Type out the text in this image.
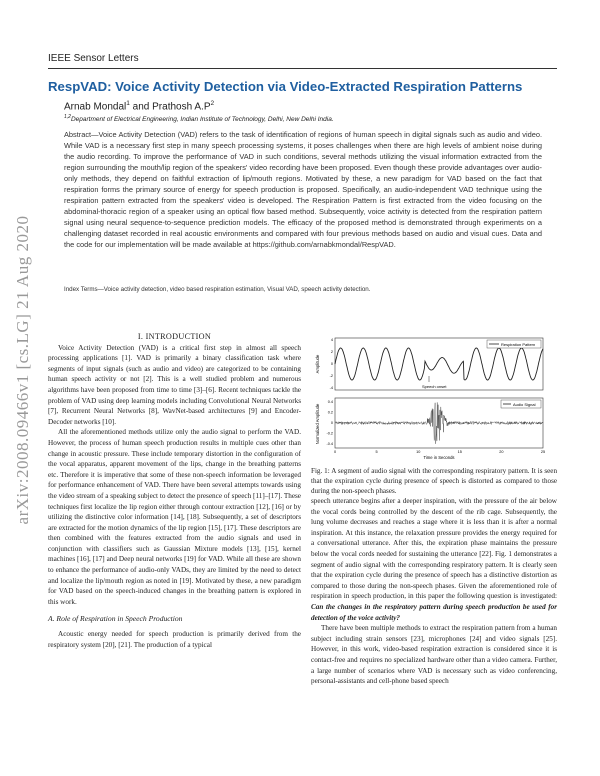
arXiv:2008.09466v1 [cs.LG] 21 Aug 2020
IEEE Sensor Letters
RespVAD: Voice Activity Detection via Video-Extracted Respiration Patterns
Arnab Mondal$^1$ and Prathosh $A.P^2$
$^{1,2}$Department of Electrical Engineering, Indian Institute of Technology, Delhi, New Delhi India.
Abstract—Voice Activity Detection (VAD) refers to the task of identification of regions of human speech in digital signals such as audio and video. While VAD is a necessary first step in many speech processing systems, it poses challenges when there are high levels of ambient noise during the audio recording. To improve the performance of VAD in such conditions, several methods utilizing the visual information extracted from the region surrounding the mouth/lip region of the speakers' video recording have been proposed. Even though these provide advantages over audio-only methods, they depend on faithful extraction of lip/mouth regions. Motivated by these, a new paradigm for VAD based on the fact that respiration forms the primary source of energy for speech production is proposed. Specifically, an audio-independent VAD technique using the respiration pattern extracted from the speakers' video is developed. The Respiration Pattern is first extracted from the video focusing on the abdominal-thoracic region of a speaker using an optical flow based method. Subsequently, voice activity is detected from the respiration pattern signal using neural sequence-to-sequence prediction models. The efficacy of the proposed method is demonstrated through experiments on a challenging dataset recorded in real acoustic environments and compared with four previous methods based on audio and visual cues. Data and the code for our implementation will be made available at https://github.com/arnabkmondal/RespVAD.
Index Terms—Voice activity detection, video based respiration estimation, Visual VAD, speech activity detection.

I. INTRODUCTION

Voice Activity Detection (VAD) is a critical first step in almost all speech processing applications [1]. VAD is primarily a binary classification task where segments of input signals (such as audio and video) are categorized to be containing human speech activity or not [2]. This is a well studied problem and numerous algorithms have been proposed from time to time [3]–[6]. Recent techniques tackle the problem of VAD using deep learning models including Convolutional Neural Networks [7], Recurrent Neural Networks [8], WavNet-based architectures [9] and Encoder-Decoder networks [10].

All the aforementioned methods utilize only the audio signal to perform the VAD. However, the process of human speech production results in multiple cues other than change in acoustic pressure. These include temporary distortion in the configuration of the vocal apparatus, apparent movement of the lips, change in the breathing patterns etc. Therefore it is imperative that some of these non-speech information be leveraged for performance enhancement of VAD. There have been several attempts towards using the video stream of a speaking subject to detect the presence of speech [11]–[17]. These techniques first localize the lip region either through contour extraction [12], [16] or by utilizing the distinctive color information [14], [18]. Subsequently, a set of descriptors are extracted for the motion dynamics of the lip region [15], [17]. These descriptors are then combined with the features extracted from the audio signals and used in conjunction with classifiers such as Gaussian Mixture models [13], [15], kernel machines [16], [17] and Deep neural networks [19] for VAD. While all these are shown to enhance the performance of audio-only VADs, they are limited by the need to detect and localize the lip/mouth region as noted in [19]. Motivated by these, a new paradigm for VAD based on the speech-induced changes in the breathing pattern is explored in this work.

A. Role of Respiration in Speech Production

Acoustic energy needed for speech production is primarily derived from the respiratory system [20], [21]. The production of a typical

Respiration Pattern
Speech onset
Amplitude
4
2
0
-2
-4
Audio Signal
Normalized Amplitude
0.4
0.2
0
-0.2
-0.4
0	5	10	15	20	25
Time in Seconds
Fig. 1: A segment of audio signal with the corresponding respiratory pattern. It is seen that the expiration cycle during presence of speech is distorted as compared to those during the non-speech phases.

speech utterance begins after a deeper inspiration, with the pressure of the air below the vocal cords being controlled by the descent of the rib cage. Subsequently, the lung volume decreases and reaches a stage where it is less than it is after a normal inspiration. At this instance, the relaxation pressure provides the energy required for a conversational utterance. After this, the expiration phase maintains the pressure below the vocal cords needed for sustaining the utterance [22]. Fig. 1 demonstrates a segment of audio signal with the corresponding respiratory pattern. It is clearly seen that the expiration cycle during the presence of speech has a distinctive distortion as compared to those during the non-speech phases. Given the aforementioned role of respiration in speech production, in this paper the following question is investigated: Can the changes in the respiratory pattern during speech production be used for detection of the voice activity?

There have been multiple methods to extract the respiration pattern from a human subject including strain sensors [23], microphones [24] and video signals [25]. However, in this work, video-based respiration extraction is considered since it is contact-free and requires no specialized hardware other than a video camera. Further, a large number of scenarios where VAD is necessary such as video conferencing, personal-assistants and cell-phone based speech
